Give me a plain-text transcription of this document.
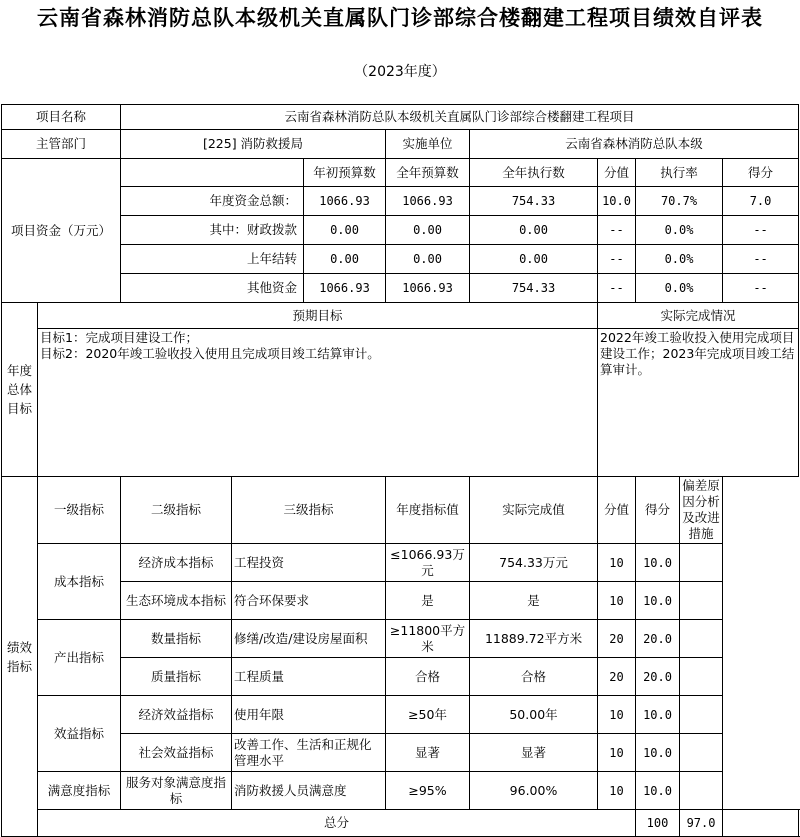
云南省森林消防总队本级机关直属队门诊部综合楼翻建工程项目绩效自评表
（2023年度）
项目名称		云南省森林消防总队本级机关直属队门诊部综合楼翻建工程项目								
主管部门		[225] 消防救援局			实施单位	云南省森林消防总队本级				
项目资金（万元）				年初预算数	全年预算数	全年执行数	分值	执行率		得分
		年度资金总额：		1066.93	1066.93	754.33	10.0	70.7%		7.0
		其中：财政拨款		0.00	0.00	0.00	--	0.0%		--
		上年结转		0.00	0.00	0.00	--	0.0%		--
		其他资金		1066.93	1066.93	754.33	--	0.0%		--
年度总体目标	预期目标						实际完成情况			

	目标1：完成项目建设工作；
目标2：2020年竣工验收投入使用且完成项目竣工结算审计。						2022年竣工验收投入使用完成项目建设工作；2023年完成项目竣工结算审计。			
绩效指标	一级指标	二级指标	三级指标		年度指标值	实际完成值	分值	得分	偏差原因分析及改进措施	
	成本指标	经济成本指标	工程投资		≤1066.93万元	754.33万元	10	10.0		
		生态环境成本指标	符合环保要求		是	是	10	10.0		
	产出指标	数量指标	修缮/改造/建设房屋面积		≥11800平方米	11889.72平方米	20	20.0		
		质量指标	工程质量		合格	合格	20	20.0		
	效益指标	经济效益指标	使用年限		≥50年	50.00年	10	10.0		
		社会效益指标	改善工作、生活和正规化管理水平		显著	显著	10	10.0		
	满意度指标	服务对象满意度指标	消防救援人员满意度		≥95%	96.00%	10	10.0		
	总分							100	97.0	
